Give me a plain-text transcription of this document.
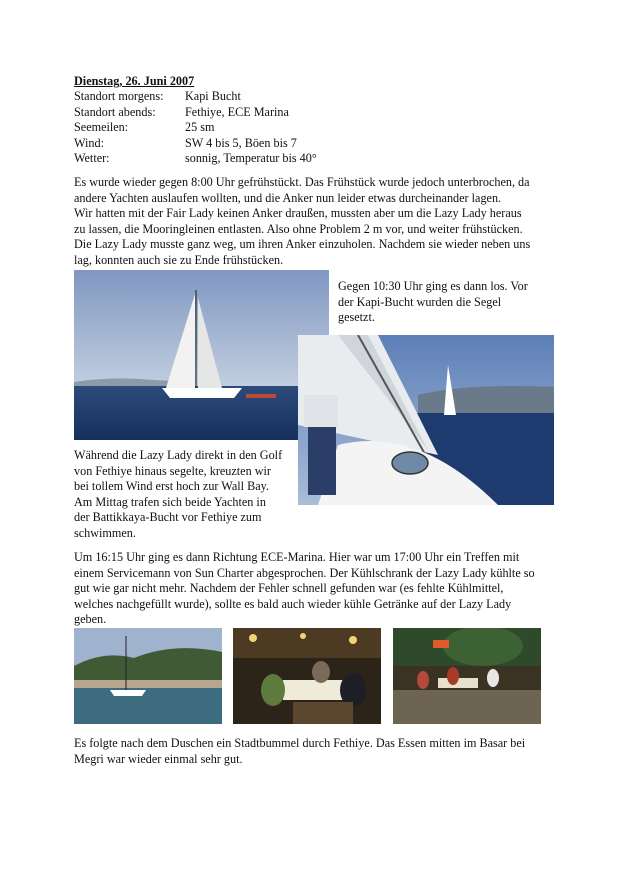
Dienstag, 26. Juni 2007
Standort morgens: Kapi Bucht
Standort abends: Fethiye, ECE Marina
Seemeilen:	25 sm
Wind:	SW 4 bis 5, Böen bis 7
Wetter:	sonnig, Temperatur bis 40°
Es wurde wieder gegen 8:00 Uhr gefrühstückt. Das Frühstück wurde jedoch unterbrochen, da
andere Yachten auslaufen wollten, und die Anker nun leider etwas durcheinander lagen.
Wir hatten mit der Fair Lady keinen Anker draußen, mussten aber um die Lazy Lady heraus
zu lassen, die Mooringleinen entlasten. Also ohne Problem 2 m vor, und weiter frühstücken.
Die Lazy Lady musste ganz weg, um ihren Anker einzuholen. Nachdem sie wieder neben uns
lag, konnten auch sie zu Ende frühstücken.
Gegen 10:30 Uhr ging es dann los. Vor
der Kapi-Bucht wurden die Segel
gesetzt.
Während die Lazy Lady direkt in den Golf
von Fethiye hinaus segelte, kreuzten wir
bei tollem Wind erst hoch zur Wall Bay.
Am Mittag trafen sich beide Yachten in
der Battikkaya-Bucht vor Fethiye zum
schwimmen.
Um 16:15 Uhr ging es dann Richtung ECE-Marina. Hier war um 17:00 Uhr ein Treffen mit
einem Servicemann von Sun Charter abgesprochen. Der Kühlschrank der Lazy Lady kühlte so
gut wie gar nicht mehr. Nachdem der Fehler schnell gefunden war (es fehlte Kühlmittel,
welches nachgefüllt wurde), sollte es bald auch wieder kühle Getränke auf der Lazy Lady
geben.
Es folgte nach dem Duschen ein Stadtbummel durch Fethiye. Das Essen mitten im Basar bei
Megri war wieder einmal sehr gut.
